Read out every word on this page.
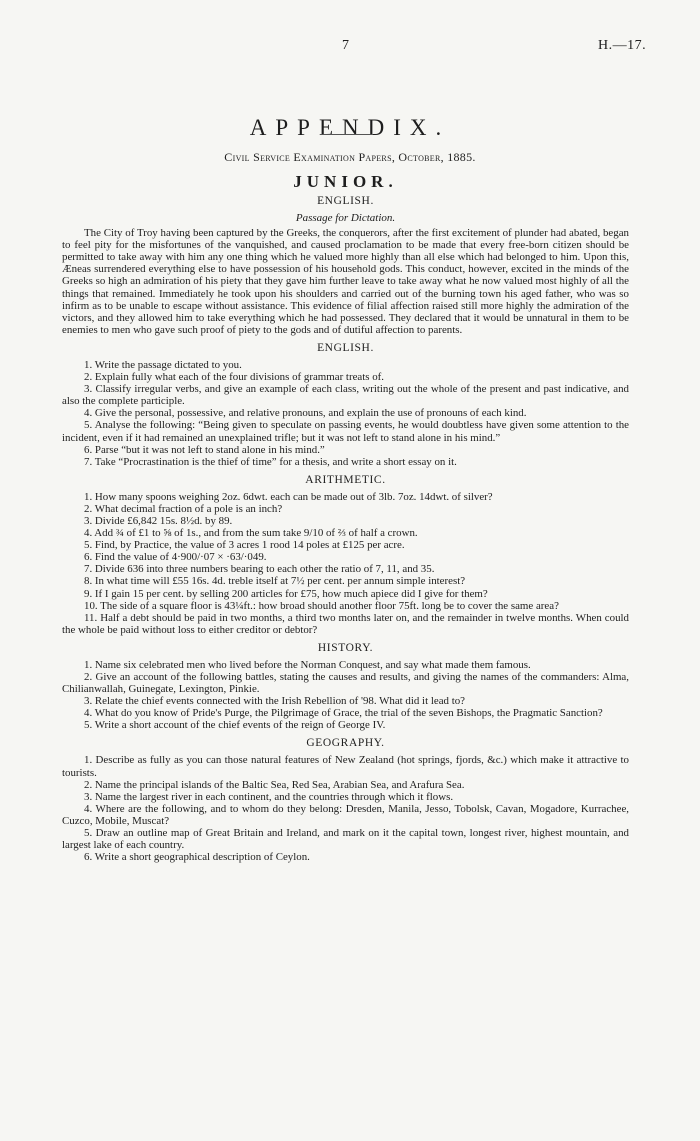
7	H.—17.
APPENDIX.
Civil Service Examination Papers, October, 1885.
JUNIOR.
ENGLISH.
Passage for Dictation.

The City of Troy having been captured by the Greeks, the conquerors, after the first excitement of plunder had abated, began to feel pity for the misfortunes of the vanquished, and caused proclamation to be made that every free-born citizen should be permitted to take away with him any one thing which he valued more highly than all else which had belonged to him. Upon this, Æneas surrendered everything else to have possession of his household gods. This conduct, however, excited in the minds of the Greeks so high an admiration of his piety that they gave him further leave to take away what he now valued most highly of all the things that remained. Immediately he took upon his shoulders and carried out of the burning town his aged father, who was so infirm as to be unable to escape without assistance. This evidence of filial affection raised still more highly the admiration of the victors, and they allowed him to take everything which he had possessed. They declared that it would be unnatural in them to be enemies to men who gave such proof of piety to the gods and of dutiful affection to parents.

ENGLISH.
1. Write the passage dictated to you.
2. Explain fully what each of the four divisions of grammar treats of.
3. Classify irregular verbs, and give an example of each class, writing out the whole of the present and past indicative, and also the complete participle.
4. Give the personal, possessive, and relative pronouns, and explain the use of pronouns of each kind.
5. Analyse the following: “Being given to speculate on passing events, he would doubtless have given some attention to the incident, even if it had remained an unexplained trifle; but it was not left to stand alone in his mind.”
6. Parse “but it was not left to stand alone in his mind.”
7. Take “Procrastination is the thief of time” for a thesis, and write a short essay on it.
ARITHMETIC.
1. How many spoons weighing 2oz. 6dwt. each can be made out of 3lb. 7oz. 14dwt. of silver?
2. What decimal fraction of a pole is an inch?
3. Divide £6,842 15s. 8½d. by 89.
4. Add ¾ of £1 to ⅝ of 1s., and from the sum take 9/10 of ⅔ of half a crown.
5. Find, by Practice, the value of 3 acres 1 rood 14 poles at £125 per acre.
6. Find the value of 4·900/·07 × ·63/·049.
7. Divide 636 into three numbers bearing to each other the ratio of 7, 11, and 35.
8. In what time will £55 16s. 4d. treble itself at 7½ per cent. per annum simple interest?
9. If I gain 15 per cent. by selling 200 articles for £75, how much apiece did I give for them?
10. The side of a square floor is 43¼ft.: how broad should another floor 75ft. long be to cover the same area?
11. Half a debt should be paid in two months, a third two months later on, and the remainder in twelve months. When could the whole be paid without loss to either creditor or debtor?
HISTORY.
1. Name six celebrated men who lived before the Norman Conquest, and say what made them famous.
2. Give an account of the following battles, stating the causes and results, and giving the names of the commanders: Alma, Chilianwallah, Guinegate, Lexington, Pinkie.
3. Relate the chief events connected with the Irish Rebellion of '98. What did it lead to?
4. What do you know of Pride's Purge, the Pilgrimage of Grace, the trial of the seven Bishops, the Pragmatic Sanction?
5. Write a short account of the chief events of the reign of George IV.
GEOGRAPHY.
1. Describe as fully as you can those natural features of New Zealand (hot springs, fjords, &c.) which make it attractive to tourists.
2. Name the principal islands of the Baltic Sea, Red Sea, Arabian Sea, and Arafura Sea.
3. Name the largest river in each continent, and the countries through which it flows.
4. Where are the following, and to whom do they belong: Dresden, Manila, Jesso, Tobolsk, Cavan, Mogadore, Kurrachee, Cuzco, Mobile, Muscat?
5. Draw an outline map of Great Britain and Ireland, and mark on it the capital town, longest river, highest mountain, and largest lake of each country.
6. Write a short geographical description of Ceylon.
